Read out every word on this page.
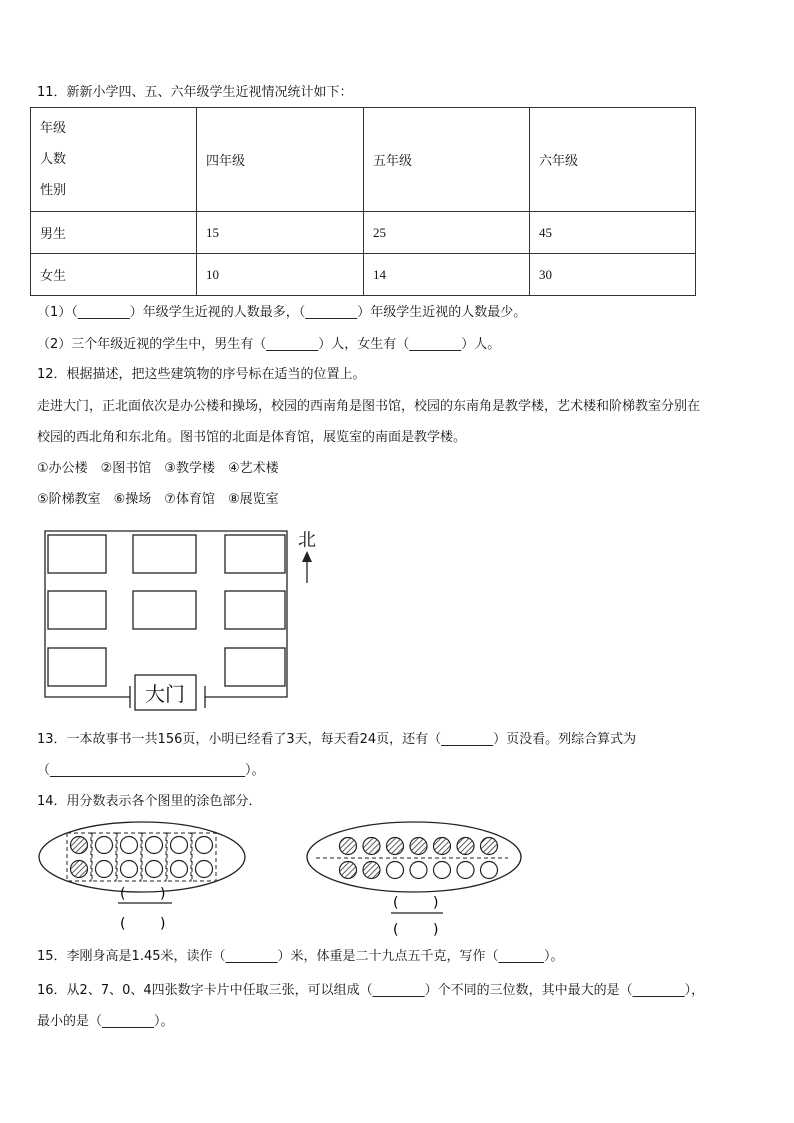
11．新新小学四、五、六年级学生近视情况统计如下：
年级
人数
性别	四年级	五年级	六年级
男生	15	25	45
女生	10	14	30
（1）（________）年级学生近视的人数最多，（________）年级学生近视的人数最少。
（2）三个年级近视的学生中，男生有（________）人，女生有（________）人。
12．根据描述，把这些建筑物的序号标在适当的位置上。
走进大门，正北面依次是办公楼和操场，校园的西南角是图书馆，校园的东南角是教学楼，艺术楼和阶梯教室分别在
校园的西北角和东北角。图书馆的北面是体育馆，展览室的南面是教学楼。
①办公楼　②图书馆　③教学楼　④艺术楼
⑤阶梯教室　⑥操场　⑦体育馆　⑧展览室
北
大门
13．一本故事书一共156页，小明已经看了3天，每天看24页，还有（________）页没看。列综合算式为
（______________________________）。
14．用分数表示各个图里的涂色部分．
( )
( )
( )
( )
15．李刚身高是1.45米，读作（________）米，体重是二十九点五千克，写作（_______）。
16．从2、7、0、4四张数字卡片中任取三张，可以组成（________）个不同的三位数，其中最大的是（________），
最小的是（________）。
